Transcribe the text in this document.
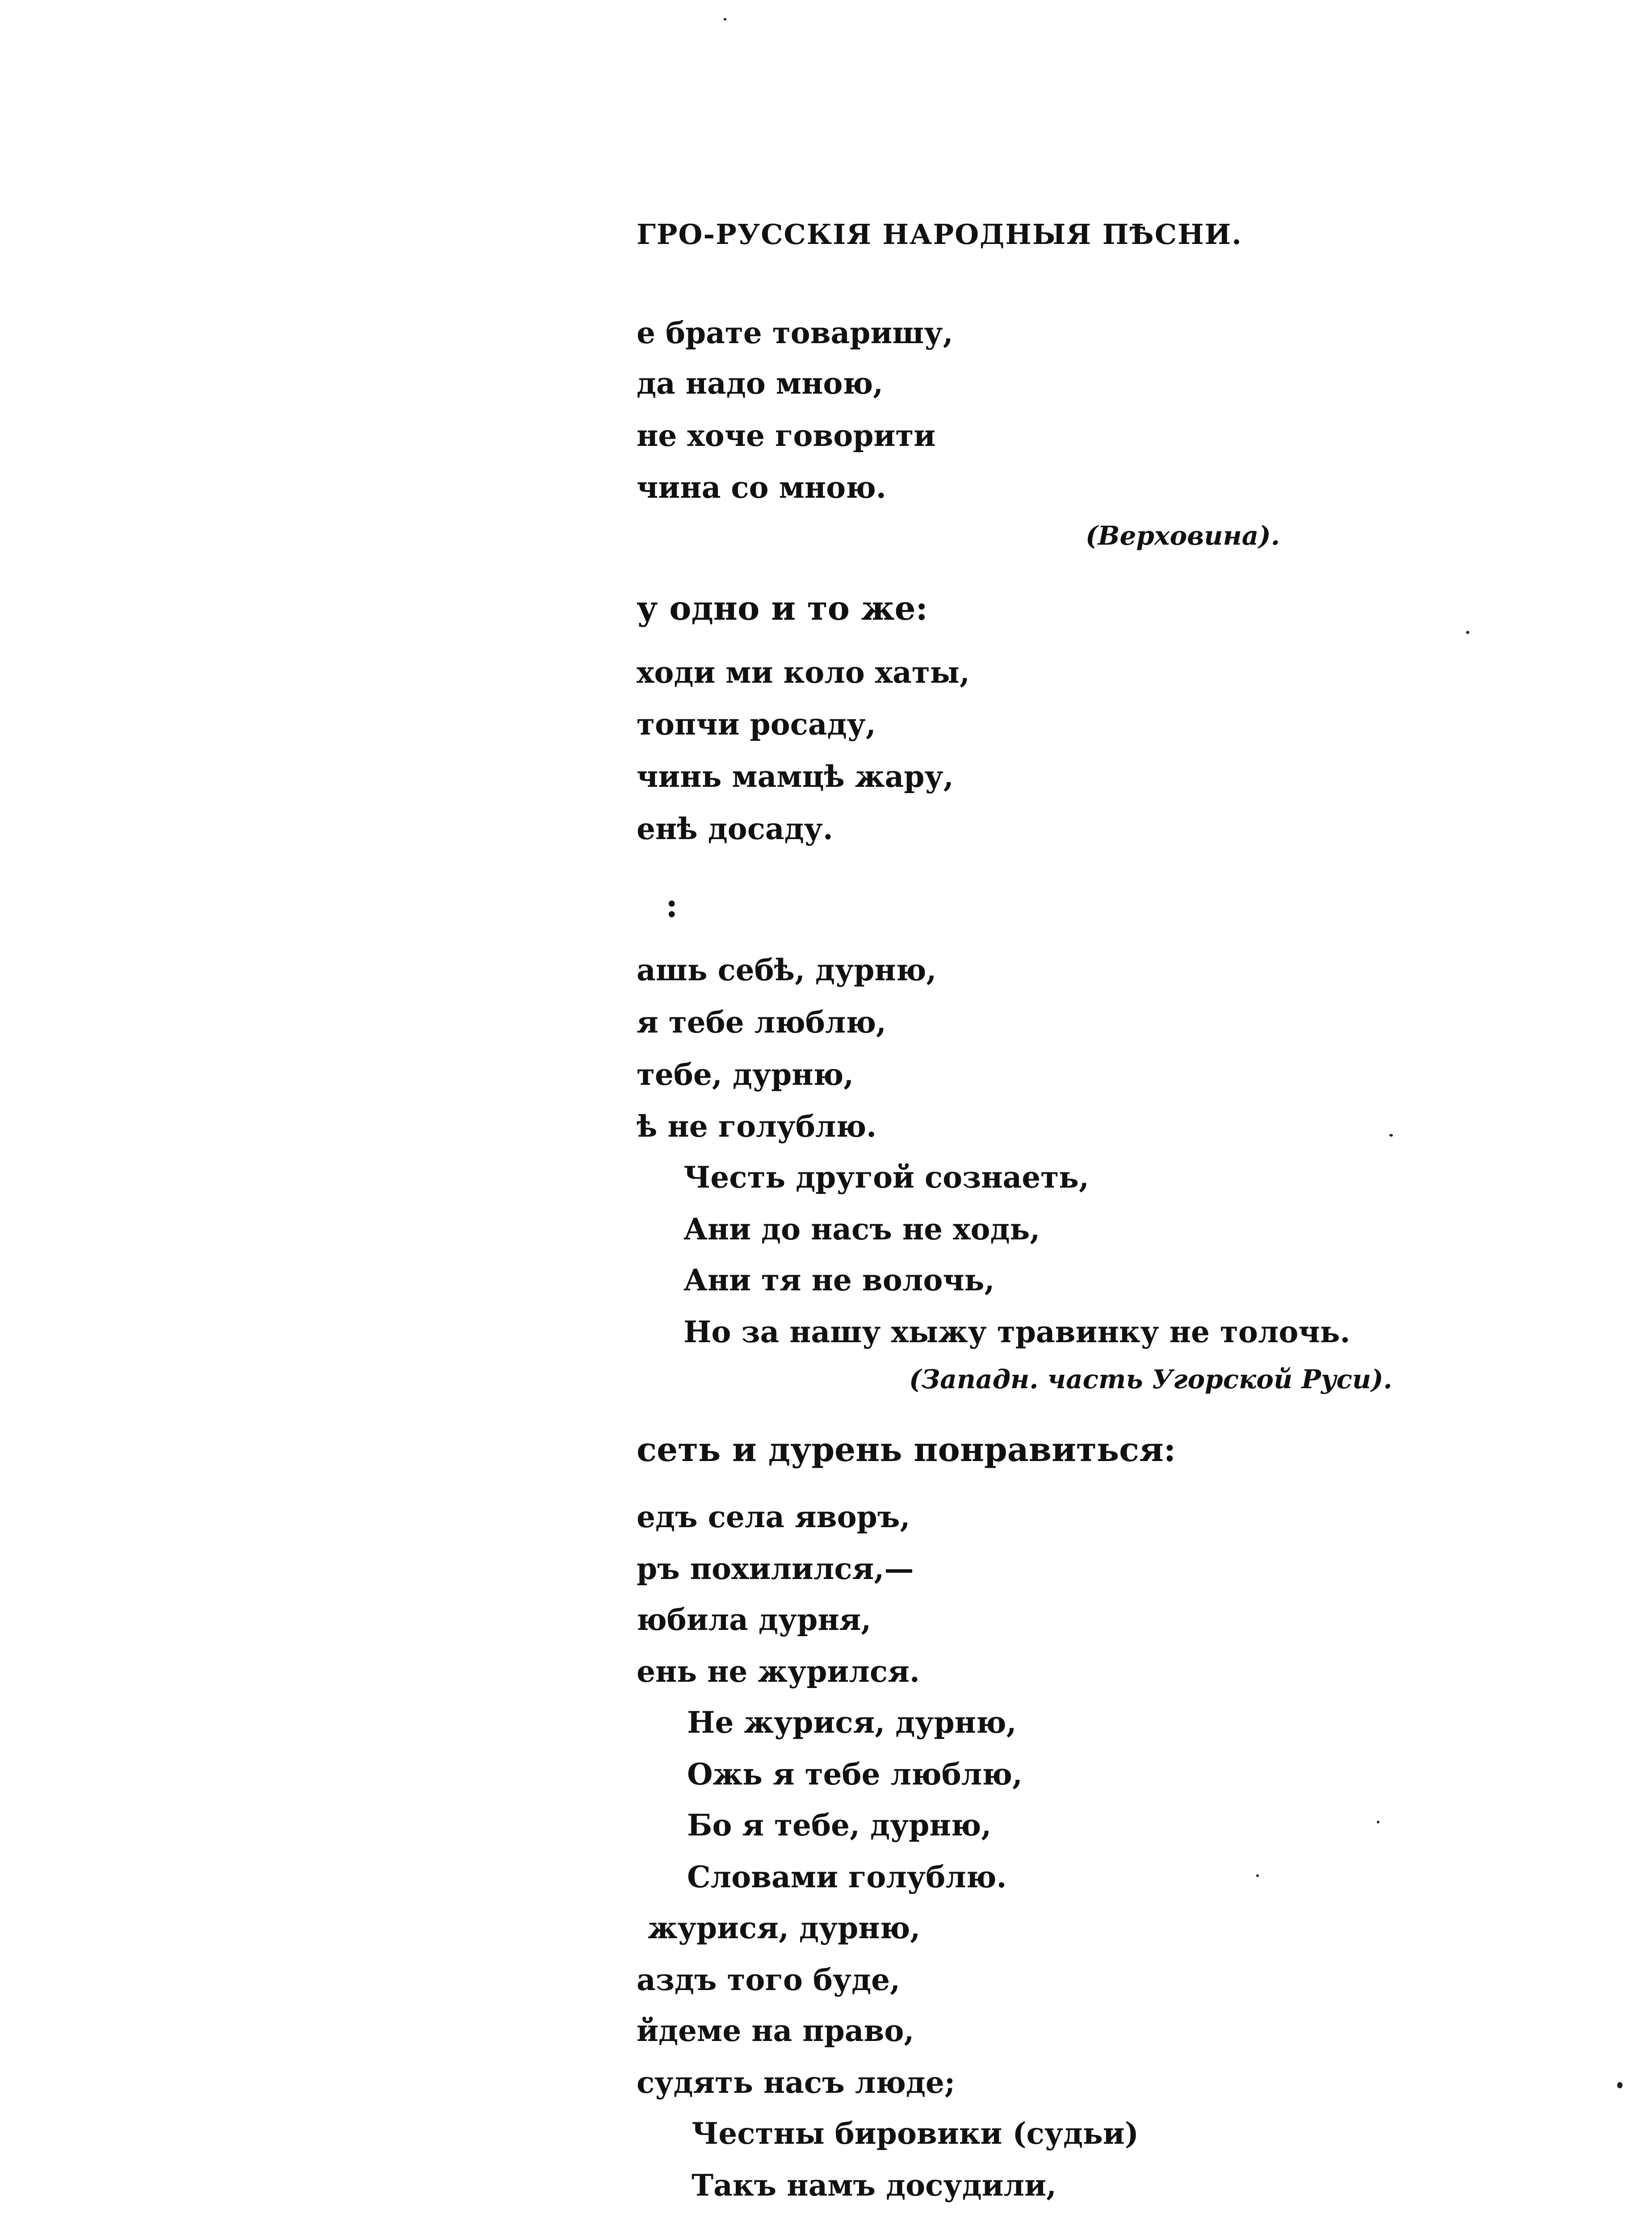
ГРО-РУССКIЯ НАРОДНЫЯ ПѢСНИ.
е брате товаришу,
да надо мною,
не хоче говорити
чина со мною.
(Верховина).
у одно и то же:
ходи ми коло хаты,
топчи росаду,
чинь мамцѣ жару,
енѣ досаду.
:
ашь себѣ, дурню,
я тебе люблю,
тебе, дурню,
ѣ не голублю.
Честь другой сознаеть,
Ани до насъ не ходь,
Ани тя не волочь,
Но за нашу хыжу травинку не толочь.
(Западн. часть Угорской Руси).
сеть и дурень понравиться:
едъ села яворъ,
ръ похилился,—
юбила дурня,
ень не журился.
Не журися, дурню,
Ожь я тебе люблю,
Бо я тебе, дурню,
Словами голублю.
журися, дурню,
аздъ того буде,
йдеме на право,
судять насъ люде;
Честны бировики (судьи)
Такъ намъ досудили,
